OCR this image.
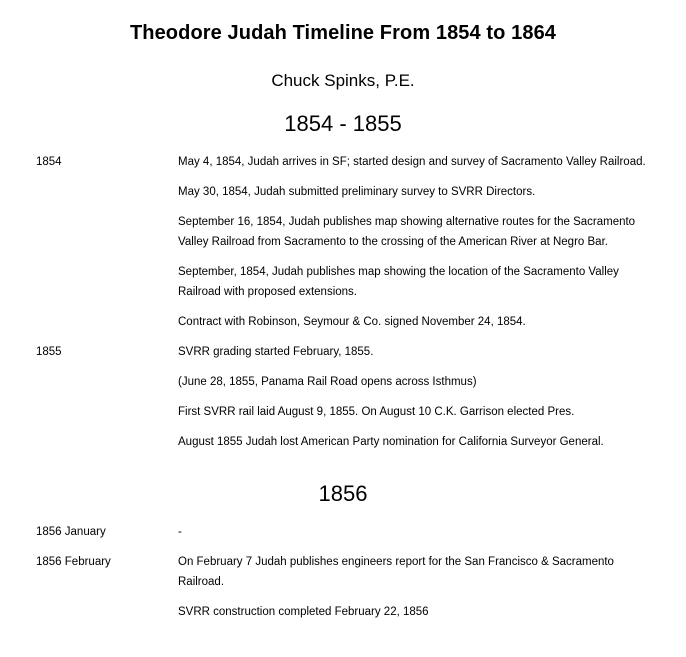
Theodore Judah Timeline From 1854 to 1864
Chuck Spinks, P.E.
1854 - 1855
1854	May 4, 1854, Judah arrives in SF; started design and survey of Sacramento Valley Railroad.

May 30, 1854, Judah submitted preliminary survey to SVRR Directors.

September 16, 1854, Judah publishes map showing alternative routes for the Sacramento Valley Railroad from Sacramento to the crossing of the American River at Negro Bar.

September, 1854, Judah publishes map showing the location of the Sacramento Valley Railroad with proposed extensions.

Contract with Robinson, Seymour & Co. signed November 24, 1854.

1855	SVRR grading started February, 1855.

(June 28, 1855, Panama Rail Road opens across Isthmus)

First SVRR rail laid August 9, 1855. On August 10 C.K. Garrison elected Pres.

August 1855 Judah lost American Party nomination for California Surveyor General.

1856
1856 January	-

1856 February	On February 7 Judah publishes engineers report for the San Francisco & Sacramento Railroad.

SVRR construction completed February 22, 1856
